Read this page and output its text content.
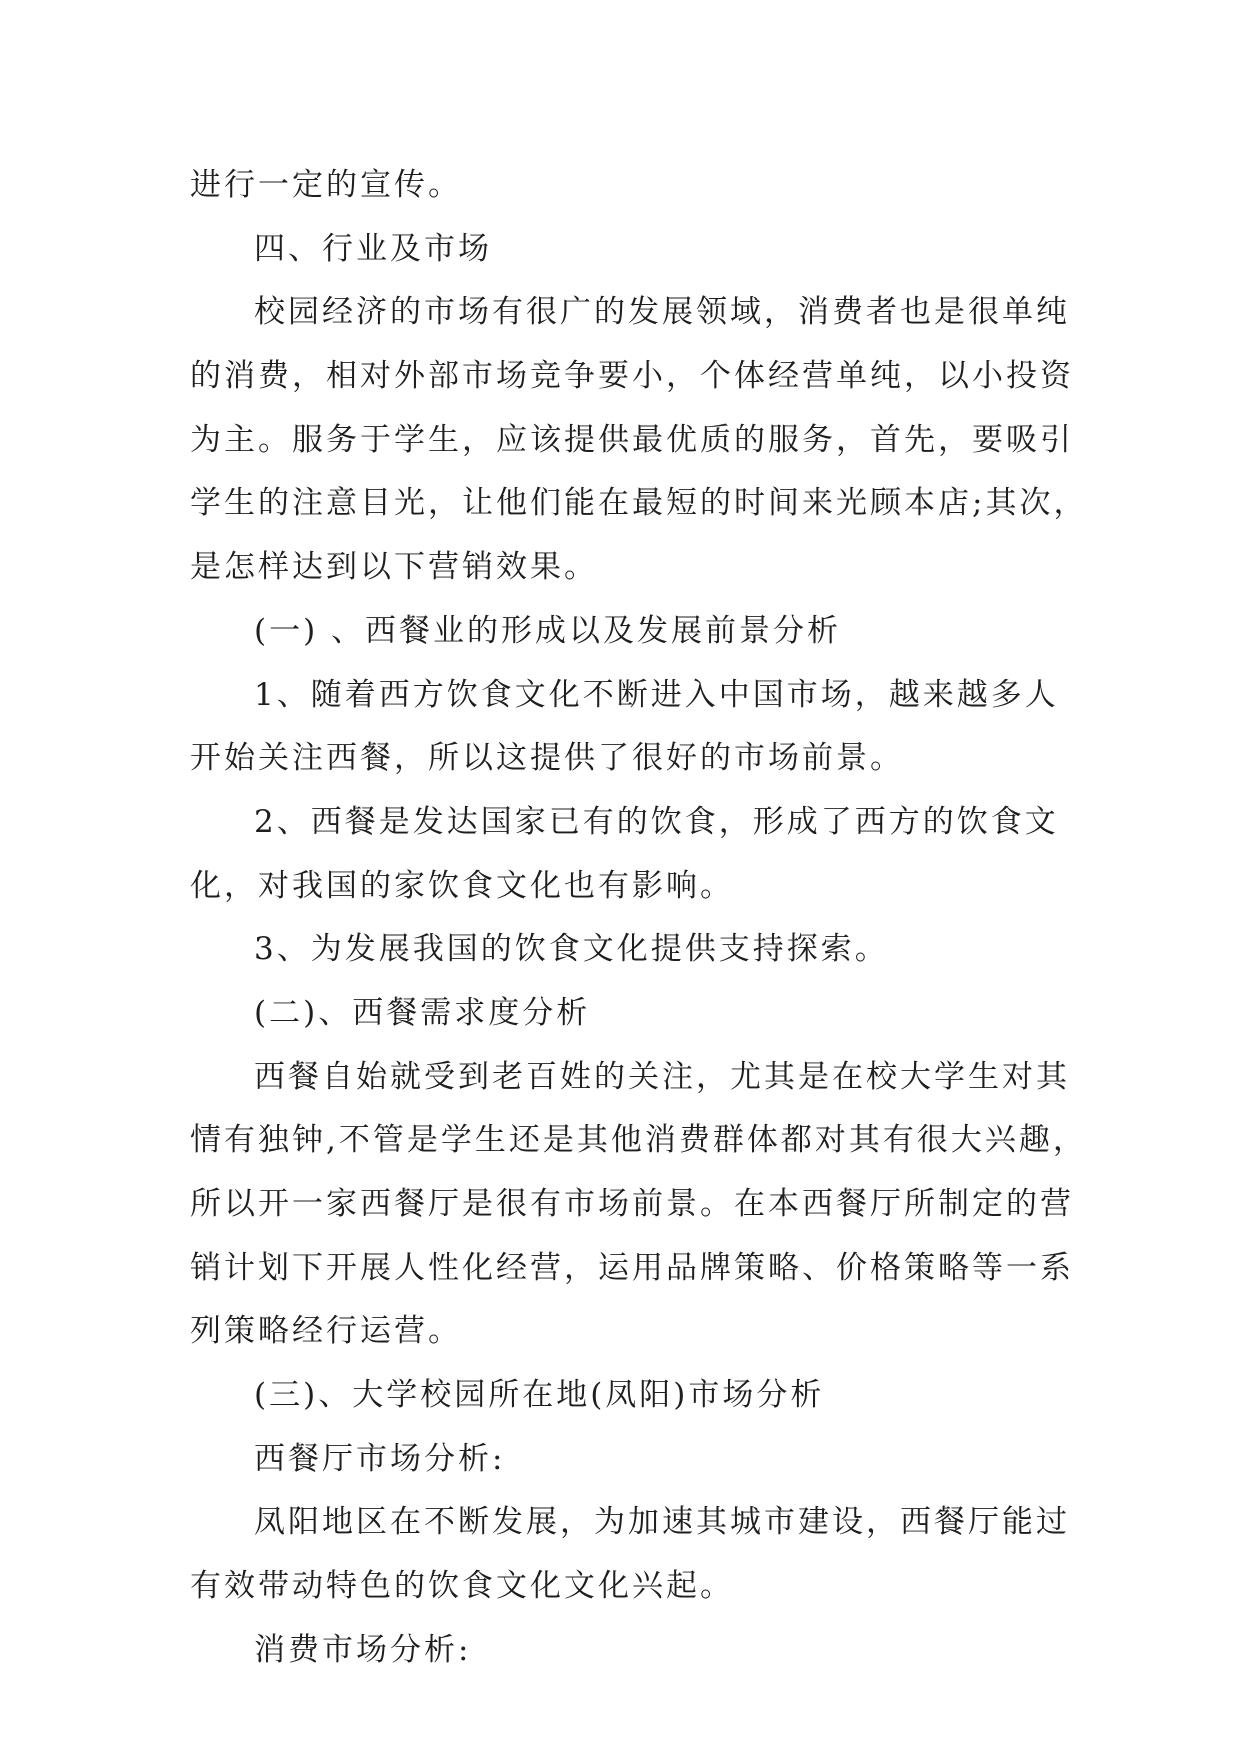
进行一定的宣传。
四、行业及市场
校园经济的市场有很广的发展领域，消费者也是很单纯
的消费，相对外部市场竞争要小，个体经营单纯，以小投资
为主。服务于学生，应该提供最优质的服务，首先，要吸引
学生的注意目光，让他们能在最短的时间来光顾本店;其次，
是怎样达到以下营销效果。
(一) 、西餐业的形成以及发展前景分析
1、随着西方饮食文化不断进入中国市场，越来越多人
开始关注西餐，所以这提供了很好的市场前景。
2、西餐是发达国家已有的饮食，形成了西方的饮食文
化，对我国的家饮食文化也有影响。
3、为发展我国的饮食文化提供支持探索。
(二)、西餐需求度分析
西餐自始就受到老百姓的关注，尤其是在校大学生对其
情有独钟,不管是学生还是其他消费群体都对其有很大兴趣，
所以开一家西餐厅是很有市场前景。在本西餐厅所制定的营
销计划下开展人性化经营，运用品牌策略、价格策略等一系
列策略经行运营。
(三)、大学校园所在地(凤阳)市场分析
西餐厅市场分析:
凤阳地区在不断发展，为加速其城市建设，西餐厅能过
有效带动特色的饮食文化文化兴起。
消费市场分析:
